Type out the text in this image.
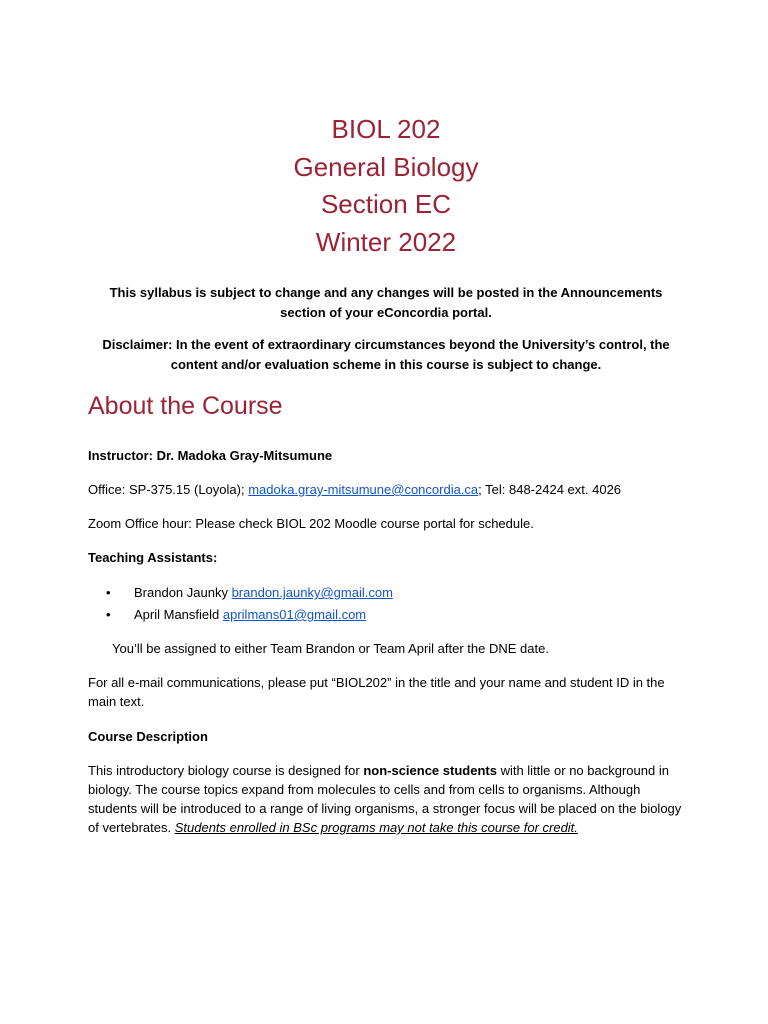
BIOL 202
General Biology
Section EC
Winter 2022
This syllabus is subject to change and any changes will be posted in the Announcements section of your eConcordia portal.
Disclaimer: In the event of extraordinary circumstances beyond the University’s control, the content and/or evaluation scheme in this course is subject to change.
About the Course
Instructor: Dr. Madoka Gray-Mitsumune
Office: SP-375.15 (Loyola); madoka.gray-mitsumune@concordia.ca; Tel: 848-2424 ext. 4026
Zoom Office hour: Please check BIOL 202 Moodle course portal for schedule.
Teaching Assistants:
• Brandon Jaunky brandon.jaunky@gmail.com
• April Mansfield aprilmans01@gmail.com
You’ll be assigned to either Team Brandon or Team April after the DNE date.
For all e-mail communications, please put “BIOL202” in the title and your name and student ID in the main text.
Course Description
This introductory biology course is designed for non-science students with little or no background in biology. The course topics expand from molecules to cells and from cells to organisms. Although students will be introduced to a range of living organisms, a stronger focus will be placed on the biology of vertebrates. Students enrolled in BSc programs may not take this course for credit.
